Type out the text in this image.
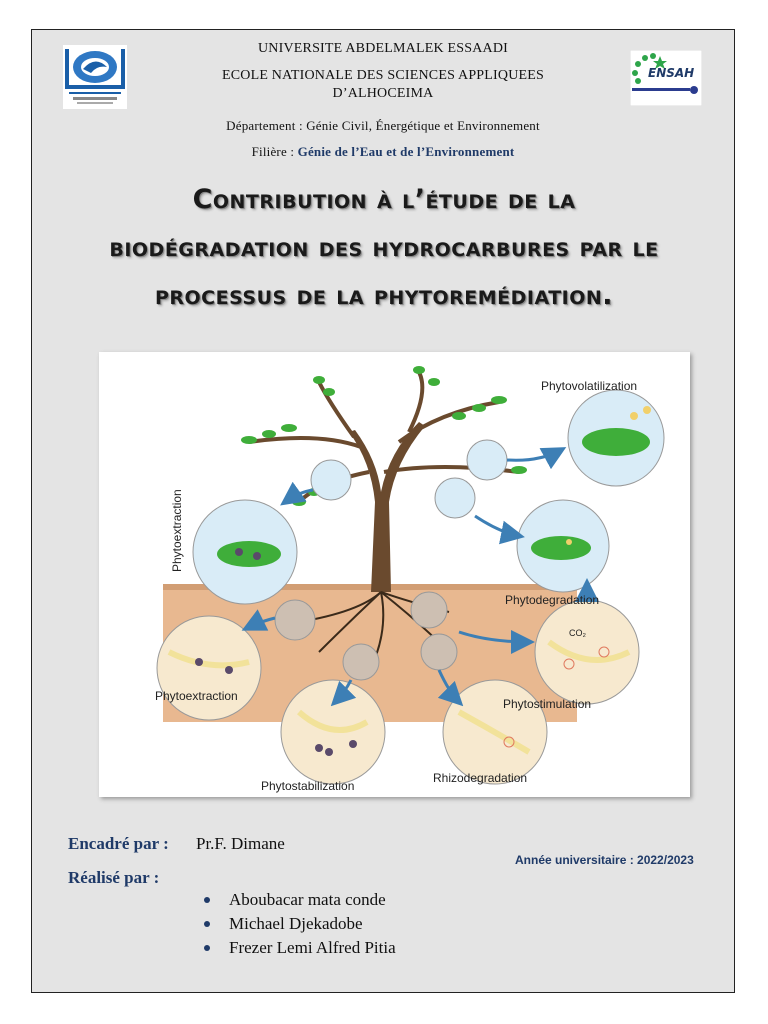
ENSAH
UNIVERSITE ABDELMALEK ESSAADI
ECOLE NATIONALE DES SCIENCES APPLIQUEES
D’ALHOCEIMA
Département : Génie Civil, Énergétique et Environnement
Filière : Génie de l’Eau et de l’Environnement
Contribution à l’étude de la
biodégradation des hydrocarbures par le
processus de la phytoremédiation.
Phytovolatilization
Phytodegradation
Phytoextraction
Phytostimulation
Phytostabilization
Rhizodegradation
CO₂
Phytoextraction
Encadré par : Pr.F. Dimane
Année universitaire : 2022/2023
Réalisé par :
Aboubacar mata conde
Michael Djekadobe
Frezer Lemi Alfred Pitia
